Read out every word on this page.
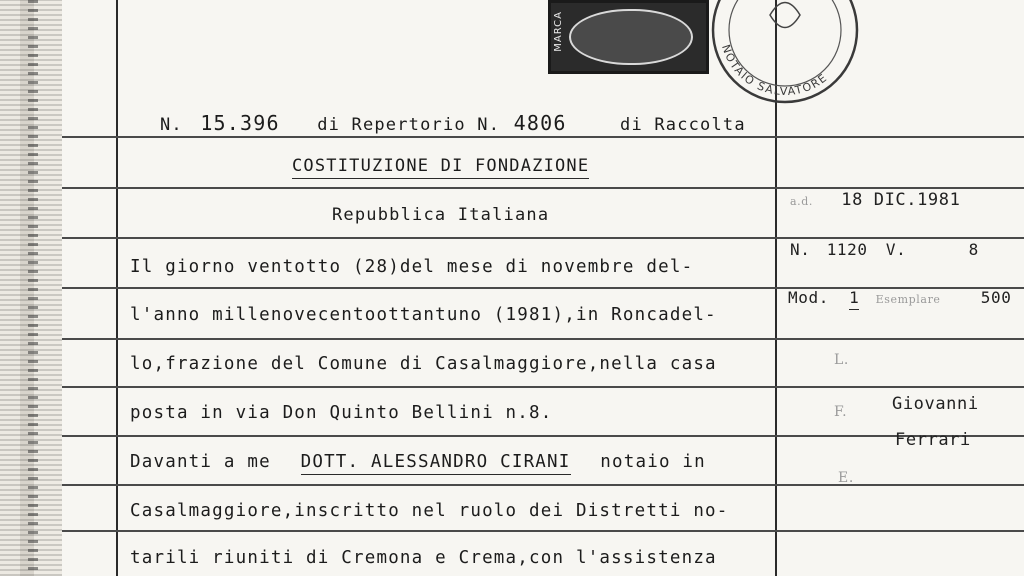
MARCA	NOTAIO SALVATORE
N. 15.396 di Repertorio N. 4806	di Raccolta
COSTITUZIONE DI FONDAZIONE
Repubblica Italiana
Il giorno ventotto (28)del mese di novembre del-
l'anno millenovecentoottantuno (1981),in Roncadel-
lo,frazione del Comune di Casalmaggiore,nella casa
posta in via Don Quinto Bellini n.8.
Davanti a me DOTT. ALESSANDRO CIRANI notaio in
Casalmaggiore,inscritto nel ruolo dei Distretti no-
tarili riuniti di Cremona e Crema,con l'assistenza
a.d. 18 DIC.1981
N. 1120 V.	8
Mod. 1 Esemplare	500
L.
F.	Giovanni
Ferrari
E.
